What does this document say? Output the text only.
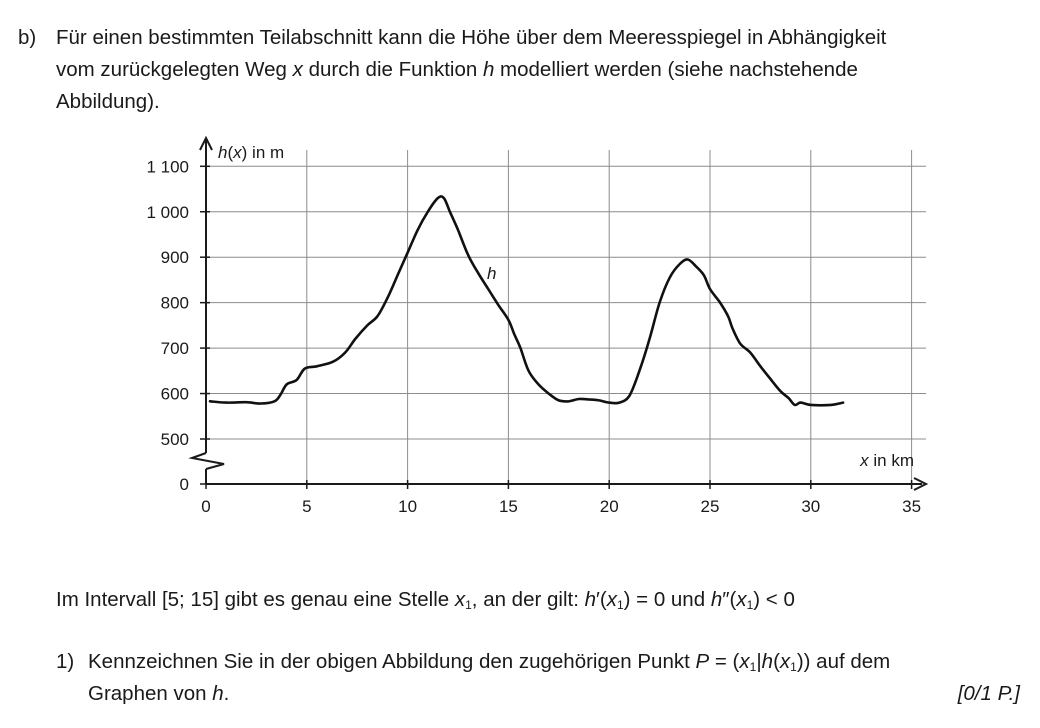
b) Für einen bestimmten Teilabschnitt kann die Höhe über dem Meeresspiegel in Abhängigkeit
vom zurückgelegten Weg x durch die Funktion h modelliert werden (siehe nachstehende
Abbildung).
0	5	10	15	20	25	30	35
0
500
600
700
800
900
1 000
1 100
h(x) in m
x in km
h
Im Intervall [5; 15] gibt es genau eine Stelle $x_1$, an der gilt: $h'(x_1) = 0$ und $h''(x_1) < 0$
1) Kennzeichnen Sie in der obigen Abbildung den zugehörigen Punkt $P = (x_1|h(x_1))$ auf dem
Graphen von h.	[0/1 P.]
